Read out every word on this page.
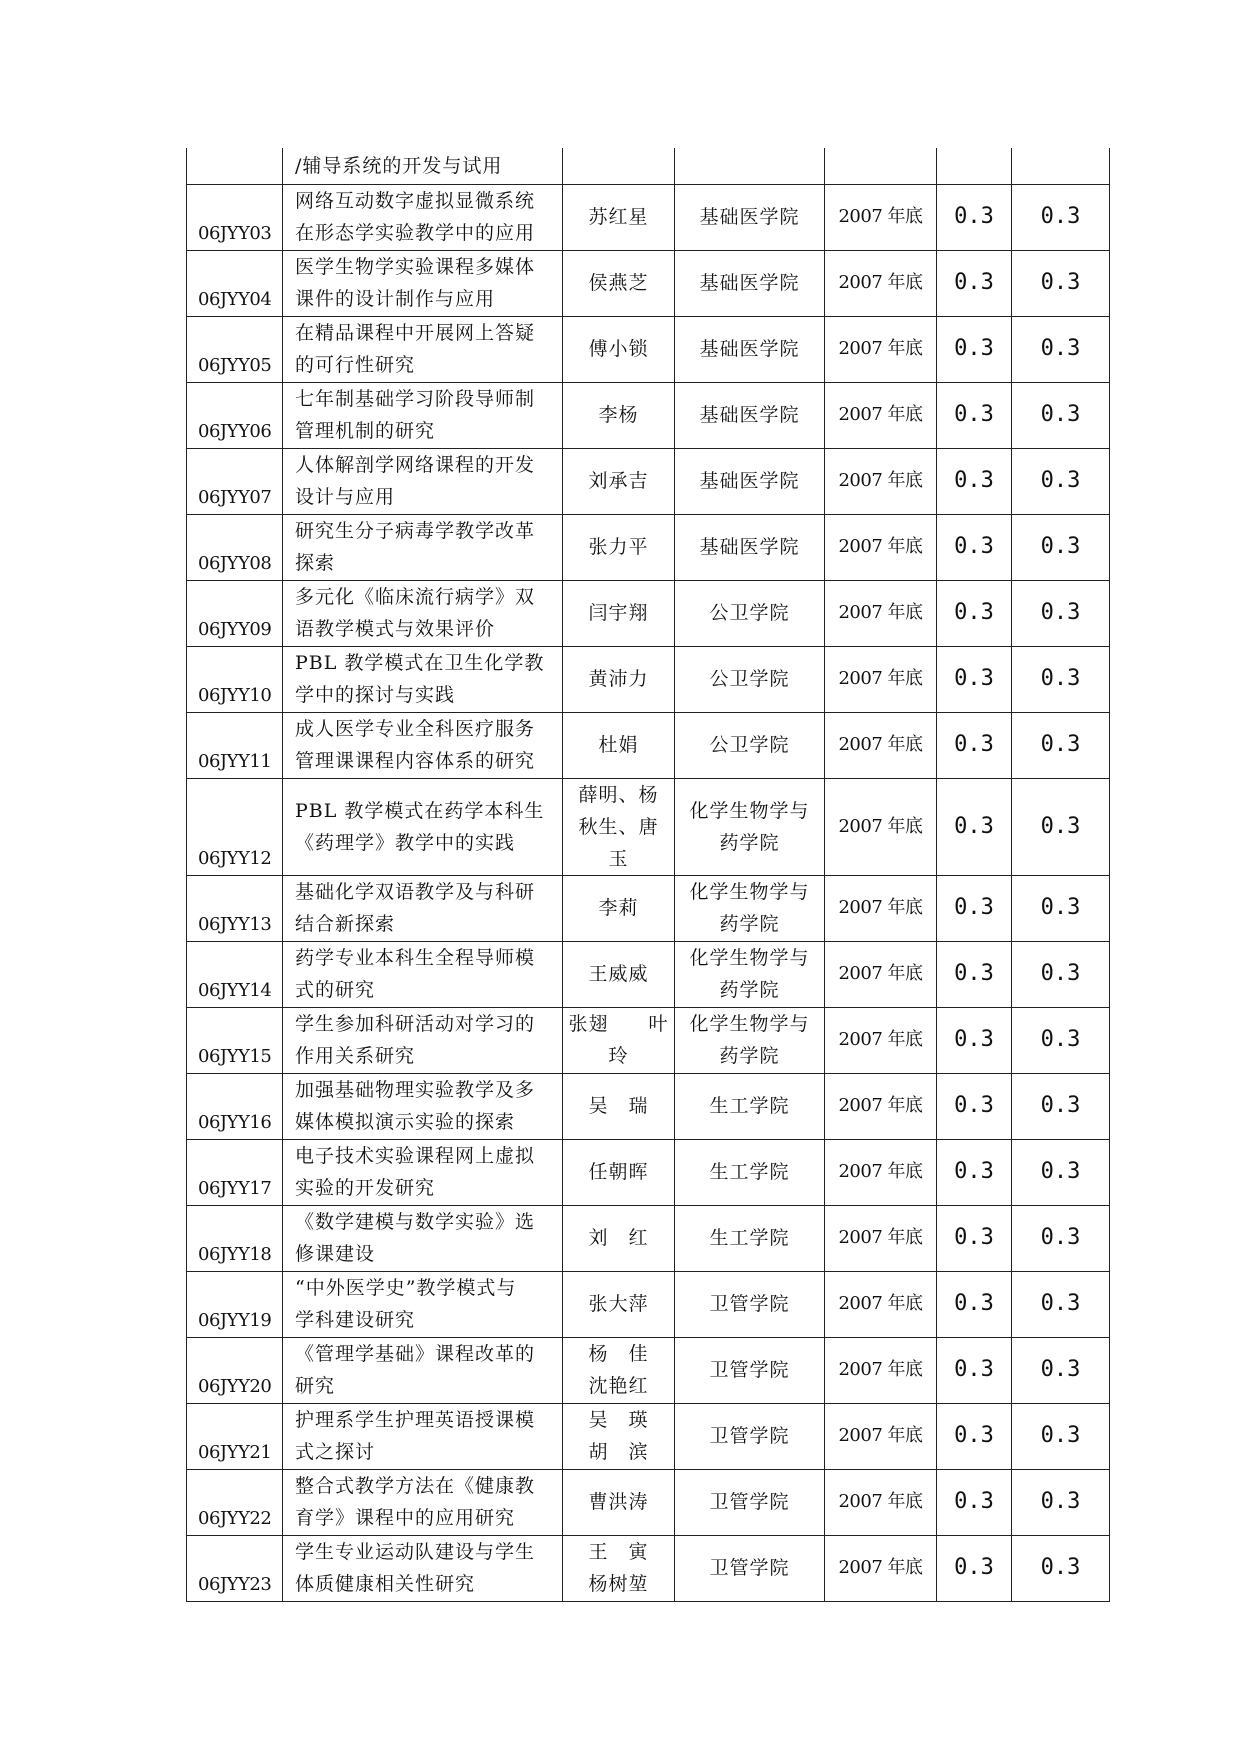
	/辅导系统的开发与试用					

06JYY03	网络互动数字虚拟显微系统
在形态学实验教学中的应用	苏红星	基础医学院	2007 年底	0.3	0.3
06JYY04	医学生物学实验课程多媒体
课件的设计制作与应用	侯燕芝	基础医学院	2007 年底	0.3	0.3
06JYY05	在精品课程中开展网上答疑
的可行性研究	傅小锁	基础医学院	2007 年底	0.3	0.3
06JYY06	七年制基础学习阶段导师制
管理机制的研究	李杨	基础医学院	2007 年底	0.3	0.3
06JYY07	人体解剖学网络课程的开发
设计与应用	刘承吉	基础医学院	2007 年底	0.3	0.3
06JYY08	研究生分子病毒学教学改革
探索	张力平	基础医学院	2007 年底	0.3	0.3
06JYY09	多元化《临床流行病学》双
语教学模式与效果评价	闫宇翔	公卫学院	2007 年底	0.3	0.3
06JYY10	PBL 教学模式在卫生化学教
学中的探讨与实践	黄沛力	公卫学院	2007 年底	0.3	0.3
06JYY11	成人医学专业全科医疗服务
管理课课程内容体系的研究	杜娟	公卫学院	2007 年底	0.3	0.3
06JYY12	PBL 教学模式在药学本科生
《药理学》教学中的实践	薛明、杨
秋生、唐
玉	化学生物学与
药学院	2007 年底	0.3	0.3
06JYY13	基础化学双语教学及与科研
结合新探索	李莉	化学生物学与
药学院	2007 年底	0.3	0.3
06JYY14	药学专业本科生全程导师模
式的研究	王威威	化学生物学与
药学院	2007 年底	0.3	0.3
06JYY15	学生参加科研活动对学习的
作用关系研究	张翅　　叶
玲	化学生物学与
药学院	2007 年底	0.3	0.3
06JYY16	加强基础物理实验教学及多
媒体模拟演示实验的探索	吴　瑞	生工学院	2007 年底	0.3	0.3
06JYY17	电子技术实验课程网上虚拟
实验的开发研究	任朝晖	生工学院	2007 年底	0.3	0.3
06JYY18	《数学建模与数学实验》选
修课建设	刘　红	生工学院	2007 年底	0.3	0.3
06JYY19	“中外医学史”教学模式与
学科建设研究	张大萍	卫管学院	2007 年底	0.3	0.3
06JYY20	《管理学基础》课程改革的
研究	杨　佳
沈艳红	卫管学院	2007 年底	0.3	0.3
06JYY21	护理系学生护理英语授课模
式之探讨	吴　瑛
胡　滨	卫管学院	2007 年底	0.3	0.3
06JYY22	整合式教学方法在《健康教
育学》课程中的应用研究	曹洪涛	卫管学院	2007 年底	0.3	0.3
06JYY23	学生专业运动队建设与学生
体质健康相关性研究	王　寅
杨树堃	卫管学院	2007 年底	0.3	0.3
